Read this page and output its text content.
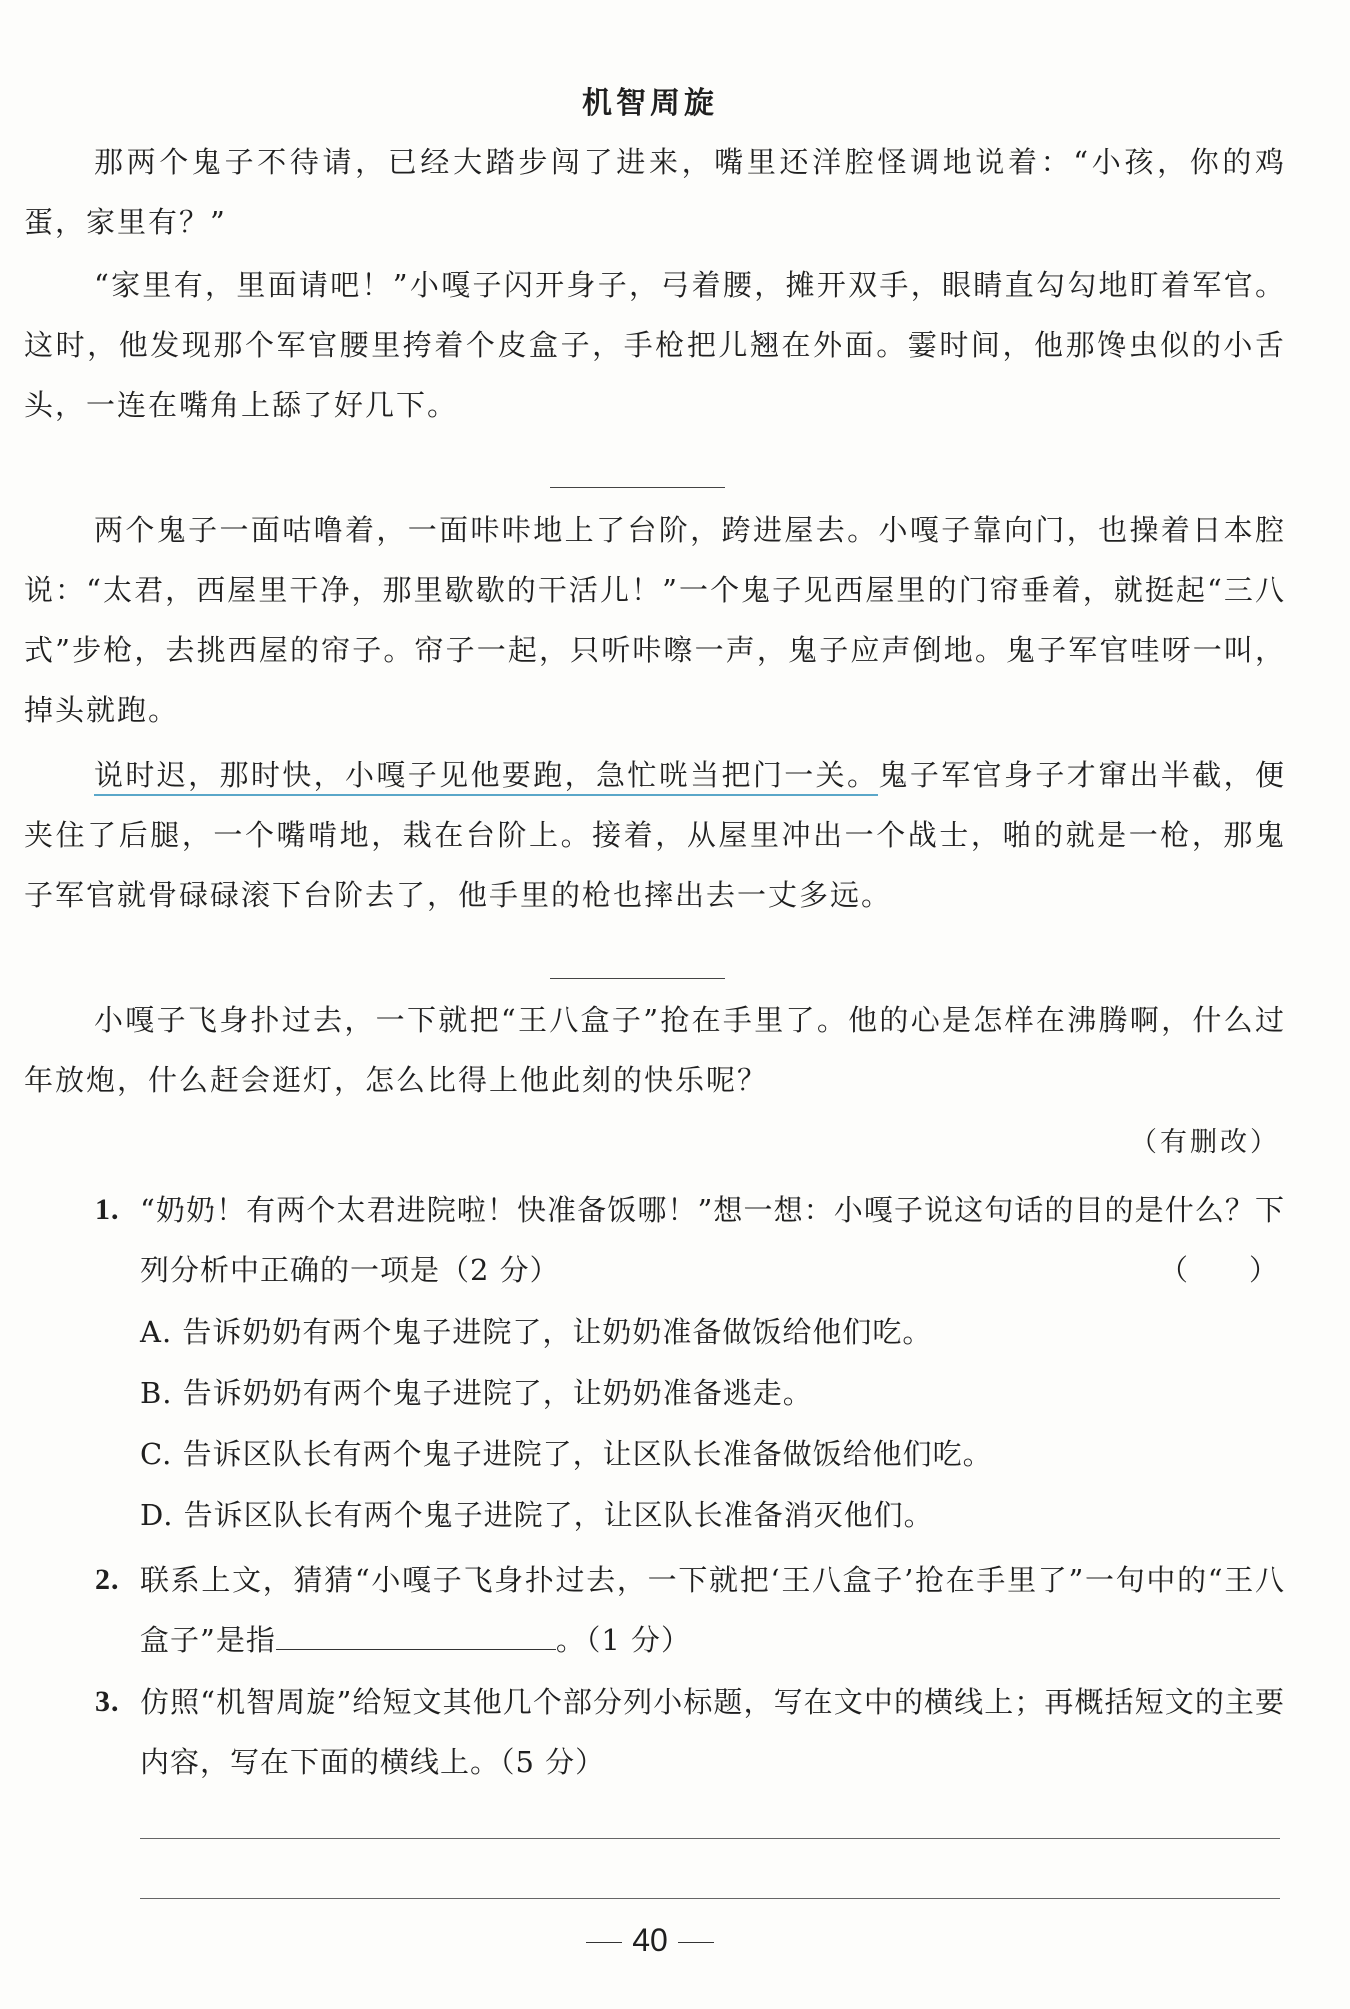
机智周旋

那两个鬼子不待请，已经大踏步闯了进来，嘴里还洋腔怪调地说着：“小孩，你的鸡蛋，家里有？”

“家里有，里面请吧！”小嘎子闪开身子，弓着腰，摊开双手，眼睛直勾勾地盯着军官。这时，他发现那个军官腰里挎着个皮盒子，手枪把儿翘在外面。霎时间，他那馋虫似的小舌头，一连在嘴角上舔了好几下。

两个鬼子一面咕噜着，一面咔咔地上了台阶，跨进屋去。小嘎子靠向门，也操着日本腔说：“太君，西屋里干净，那里歇歇的干活儿！”一个鬼子见西屋里的门帘垂着，就挺起“三八式”步枪，去挑西屋的帘子。帘子一起，只听咔嚓一声，鬼子应声倒地。鬼子军官哇呀一叫，掉头就跑。

说时迟，那时快，小嘎子见他要跑，急忙咣当把门一关。鬼子军官身子才窜出半截，便夹住了后腿，一个嘴啃地，栽在台阶上。接着，从屋里冲出一个战士，啪的就是一枪，那鬼子军官就骨碌碌滚下台阶去了，他手里的枪也摔出去一丈多远。

小嘎子飞身扑过去，一下就把“王八盒子”抢在手里了。他的心是怎样在沸腾啊，什么过年放炮，什么赶会逛灯，怎么比得上他此刻的快乐呢？

（有删改）
1. “奶奶！有两个太君进院啦！快准备饭哪！”想一想：小嘎子说这句话的目的是什么？下列分析中正确的一项是（2 分）	（　　）
A. 告诉奶奶有两个鬼子进院了，让奶奶准备做饭给他们吃。
B. 告诉奶奶有两个鬼子进院了，让奶奶准备逃走。
C. 告诉区队长有两个鬼子进院了，让区队长准备做饭给他们吃。
D. 告诉区队长有两个鬼子进院了，让区队长准备消灭他们。
2. 联系上文，猜猜“小嘎子飞身扑过去，一下就把‘王八盒子’抢在手里了”一句中的“王八盒子”是指	。（1 分）
3. 仿照“机智周旋”给短文其他几个部分列小标题，写在文中的横线上；再概括短文的主要内容，写在下面的横线上。（5 分）
40
